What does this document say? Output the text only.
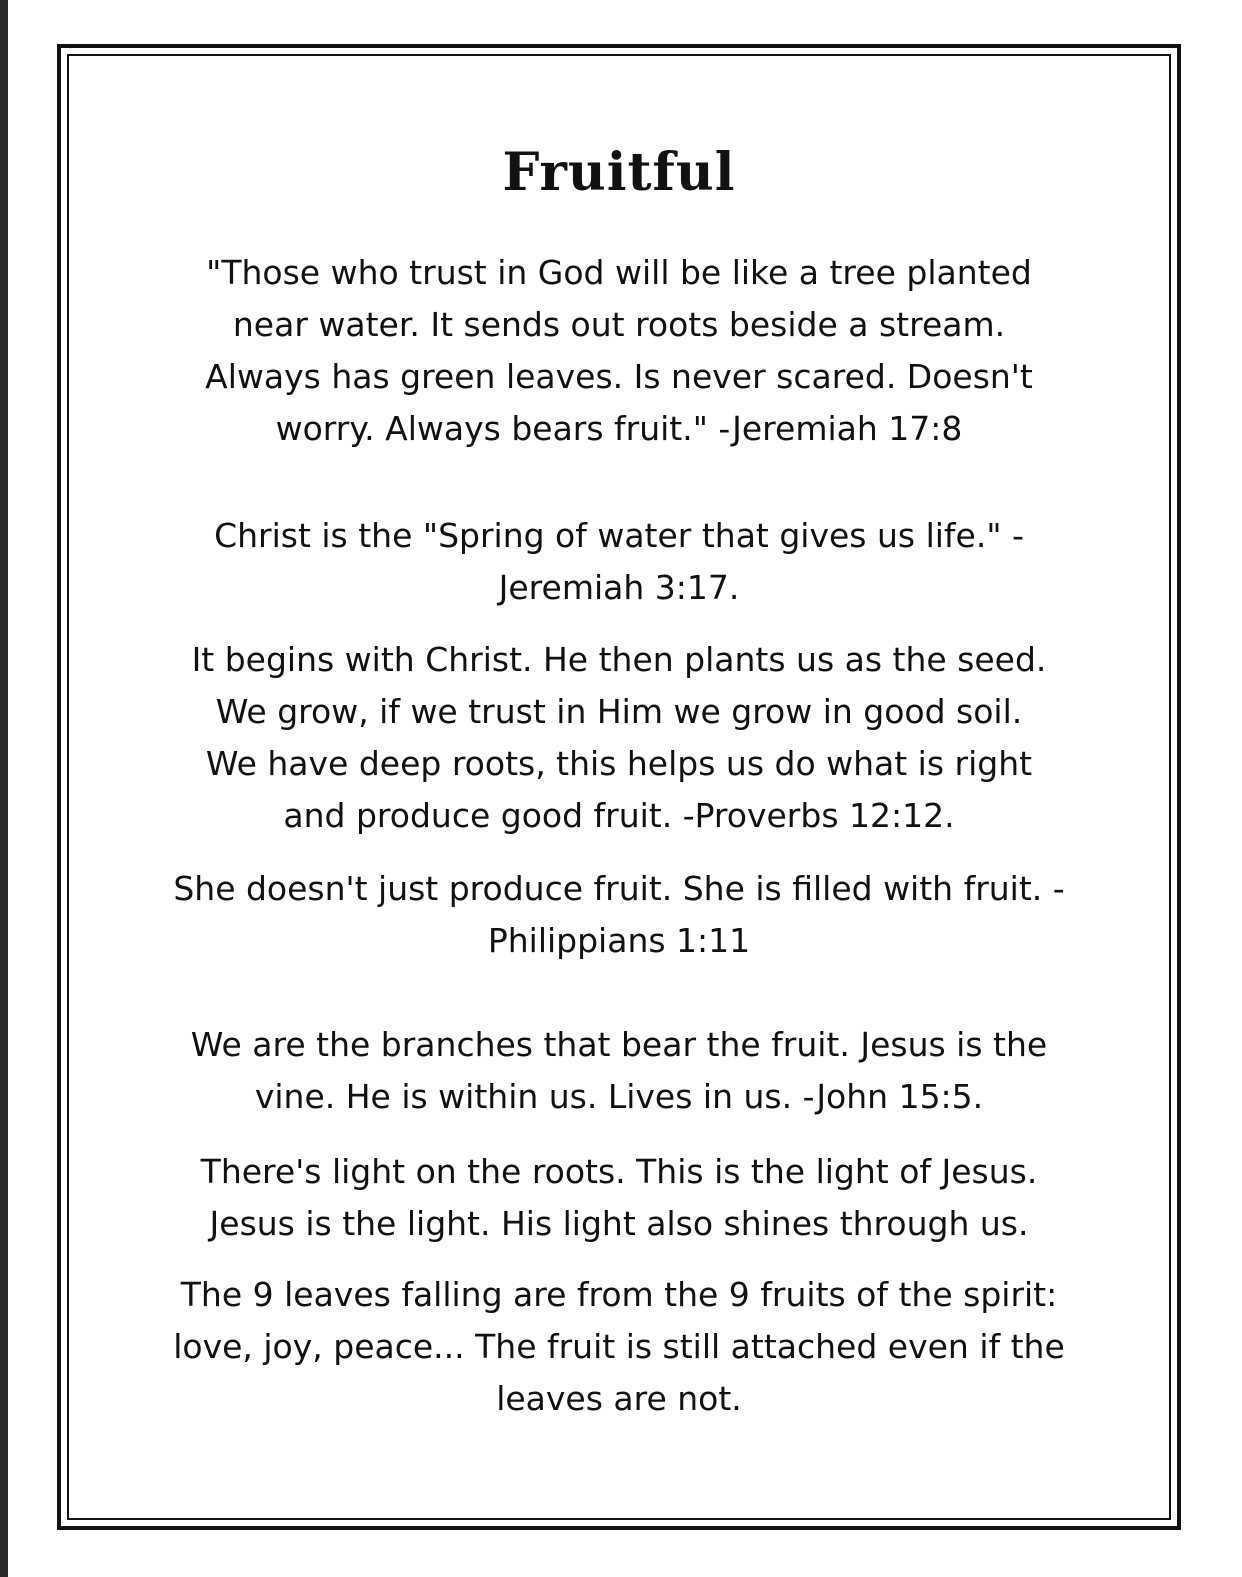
Fruitful

"Those who trust in God will be like a tree planted
near water. It sends out roots beside a stream.
Always has green leaves. Is never scared. Doesn't
worry. Always bears fruit." -Jeremiah 17:8

Christ is the "Spring of water that gives us life." -
Jeremiah 3:17.

It begins with Christ. He then plants us as the seed.
We grow, if we trust in Him we grow in good soil.
We have deep roots, this helps us do what is right
and produce good fruit. -Proverbs 12:12.

She doesn't just produce fruit. She is filled with fruit. -
Philippians 1:11

We are the branches that bear the fruit. Jesus is the
vine. He is within us. Lives in us. -John 15:5.

There's light on the roots. This is the light of Jesus.
Jesus is the light. His light also shines through us.

The 9 leaves falling are from the 9 fruits of the spirit:
love, joy, peace... The fruit is still attached even if the
leaves are not.
